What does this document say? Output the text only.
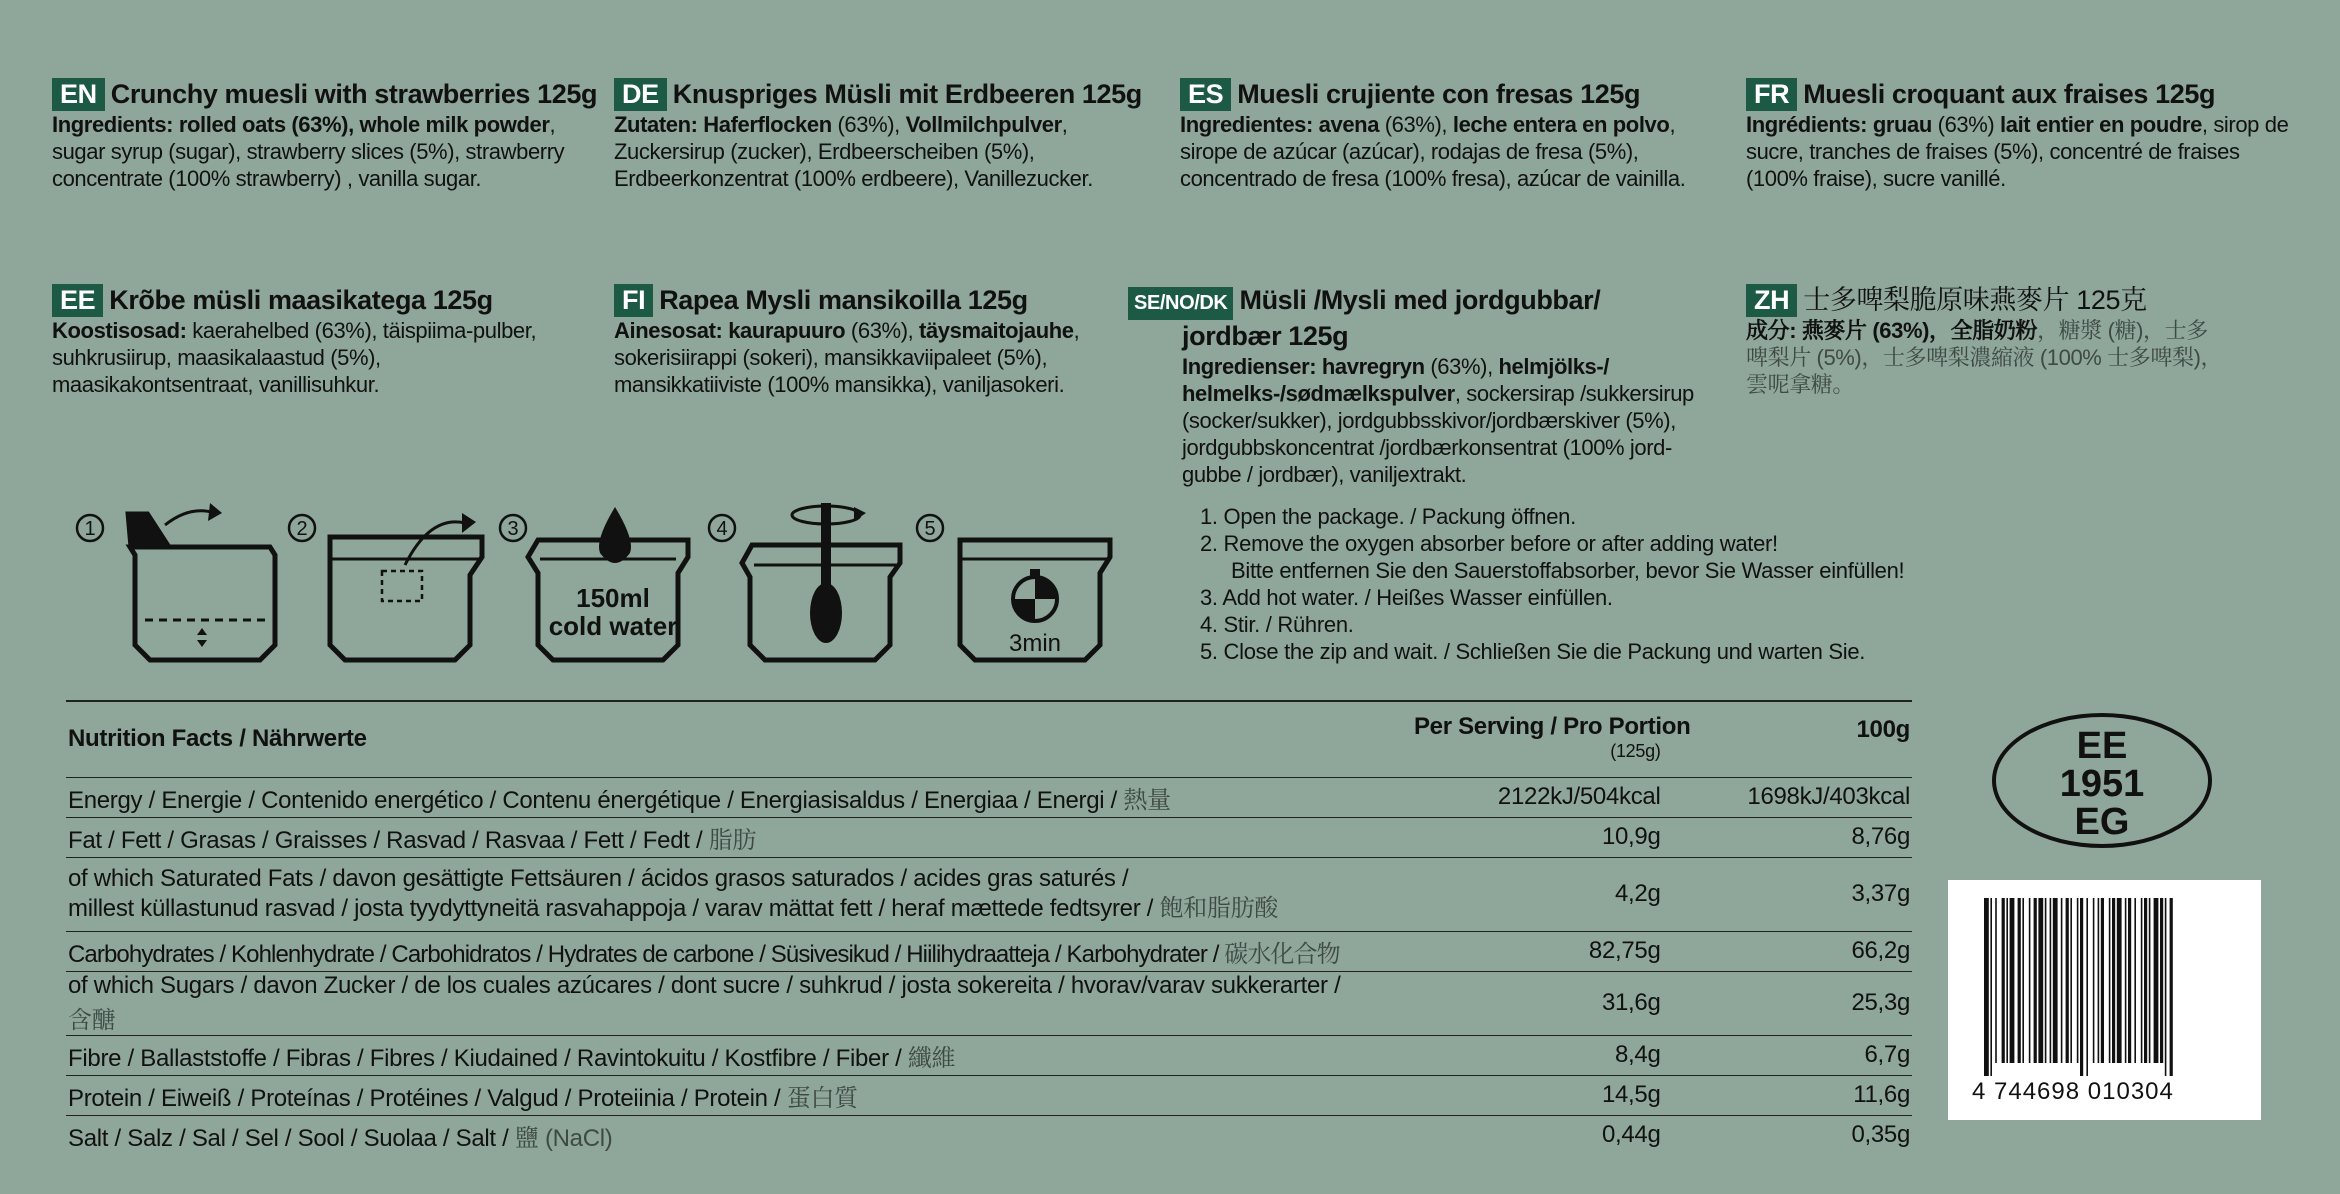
EN Crunchy muesli with strawberries 125g
Ingredients: rolled oats (63%), whole milk powder, sugar syrup (sugar), strawberry slices (5%), strawberry concentrate (100% strawberry) , vanilla sugar.
DE Knuspriges Müsli mit Erdbeeren 125g
Zutaten: Haferflocken (63%), Vollmilchpulver, Zuckersirup (zucker), Erdbeerscheiben (5%), Erdbeerkonzentrat (100% erdbeere), Vanillezucker.
ES Muesli crujiente con fresas 125g
Ingredientes: avena (63%), leche entera en polvo, sirope de azúcar (azúcar), rodajas de fresa (5%), concentrado de fresa (100% fresa), azúcar de vainilla.
FR Muesli croquant aux fraises 125g
Ingrédients: gruau (63%) lait entier en poudre, sirop de sucre, tranches de fraises (5%), concentré de fraises (100% fraise), sucre vanillé.
EE Krõbe müsli maasikatega 125g
Koostisosad: kaerahelbed (63%), täispiima-pulber, suhkrusiirup, maasikalaastud (5%), maasikakontsentraat, vanillisuhkur.
FI Rapea Mysli mansikoilla 125g
Ainesosat: kaurapuuro (63%), täysmaitojauhe, sokerisiirappi (sokeri), mansikkaviipaleet (5%), mansikkatiiviste (100% mansikka), vaniljasokeri.
SE/NO/DK Müsli /Mysli med jordgubbar/
jordbær 125g
Ingredienser: havregryn (63%), helmjölks-/ helmelks-/sødmælkspulver, sockersirap /sukkersirup (socker/sukker), jordgubbsskivor/jordbærskiver (5%), jordgubbskoncentrat /jordbærkonsentrat (100% jord-gubbe / jordbær), vaniljextrakt.
ZH 士多啤梨脆原味燕麥片 125克
成分: 燕麥片 (63%)，全脂奶粉，糖漿 (糖)，士多啤梨片 (5%)，士多啤梨濃縮液 (100% 士多啤梨)，雲呢拿糖。
1	2	3
150ml
cold water
4	5
3min
1. Open the package. / Packung öffnen.
2. Remove the oxygen absorber before or after adding water!
Bitte entfernen Sie den Sauerstoffabsorber, bevor Sie Wasser einfüllen!
3. Add hot water. / Heißes Wasser einfüllen.
4. Stir. / Rühren.
5. Close the zip and wait. / Schließen Sie die Packung und warten Sie.
Nutrition Facts / Nährwerte	Per Serving / Pro Portion
(125g)	100g
Energy / Energie / Contenido energético / Contenu énergétique / Energiasisaldus / Energiaa / Energi / 熱量	2122kJ/504kcal	1698kJ/403kcal
Fat / Fett / Grasas / Graisses / Rasvad / Rasvaa / Fett / Fedt / 脂肪	10,9g	8,76g

of which Saturated Fats / davon gesättigte Fettsäuren / ácidos grasos saturados / acides gras saturés /
millest küllastunud rasvad / josta tyydyttyneitä rasvahappoja / varav mättat fett / heraf mættede fedtsyrer / 飽和脂肪酸	4,2g	3,37g
Carbohydrates / Kohlenhydrate / Carbohidratos / Hydrates de carbone / Süsivesikud / Hiilihydraatteja / Karbohydrater / 碳水化合物	82,75g	66,2g
of which Sugars / davon Zucker / de los cuales azúcares / dont sucre / suhkrud / josta sokereita / hvorav/varav sukkerarter / 含醣	31,6g	25,3g
Fibre / Ballaststoffe / Fibras / Fibres / Kiudained / Ravintokuitu / Kostfibre / Fiber / 纖維	8,4g	6,7g
Protein / Eiweiß / Proteínas / Protéines / Valgud / Proteiinia / Protein / 蛋白質	14,5g	11,6g
Salt / Salz / Sal / Sel / Sool / Suolaa / Salt / 鹽 (NaCl)	0,44g	0,35g
EE
1951
EG
4 744698 010304
